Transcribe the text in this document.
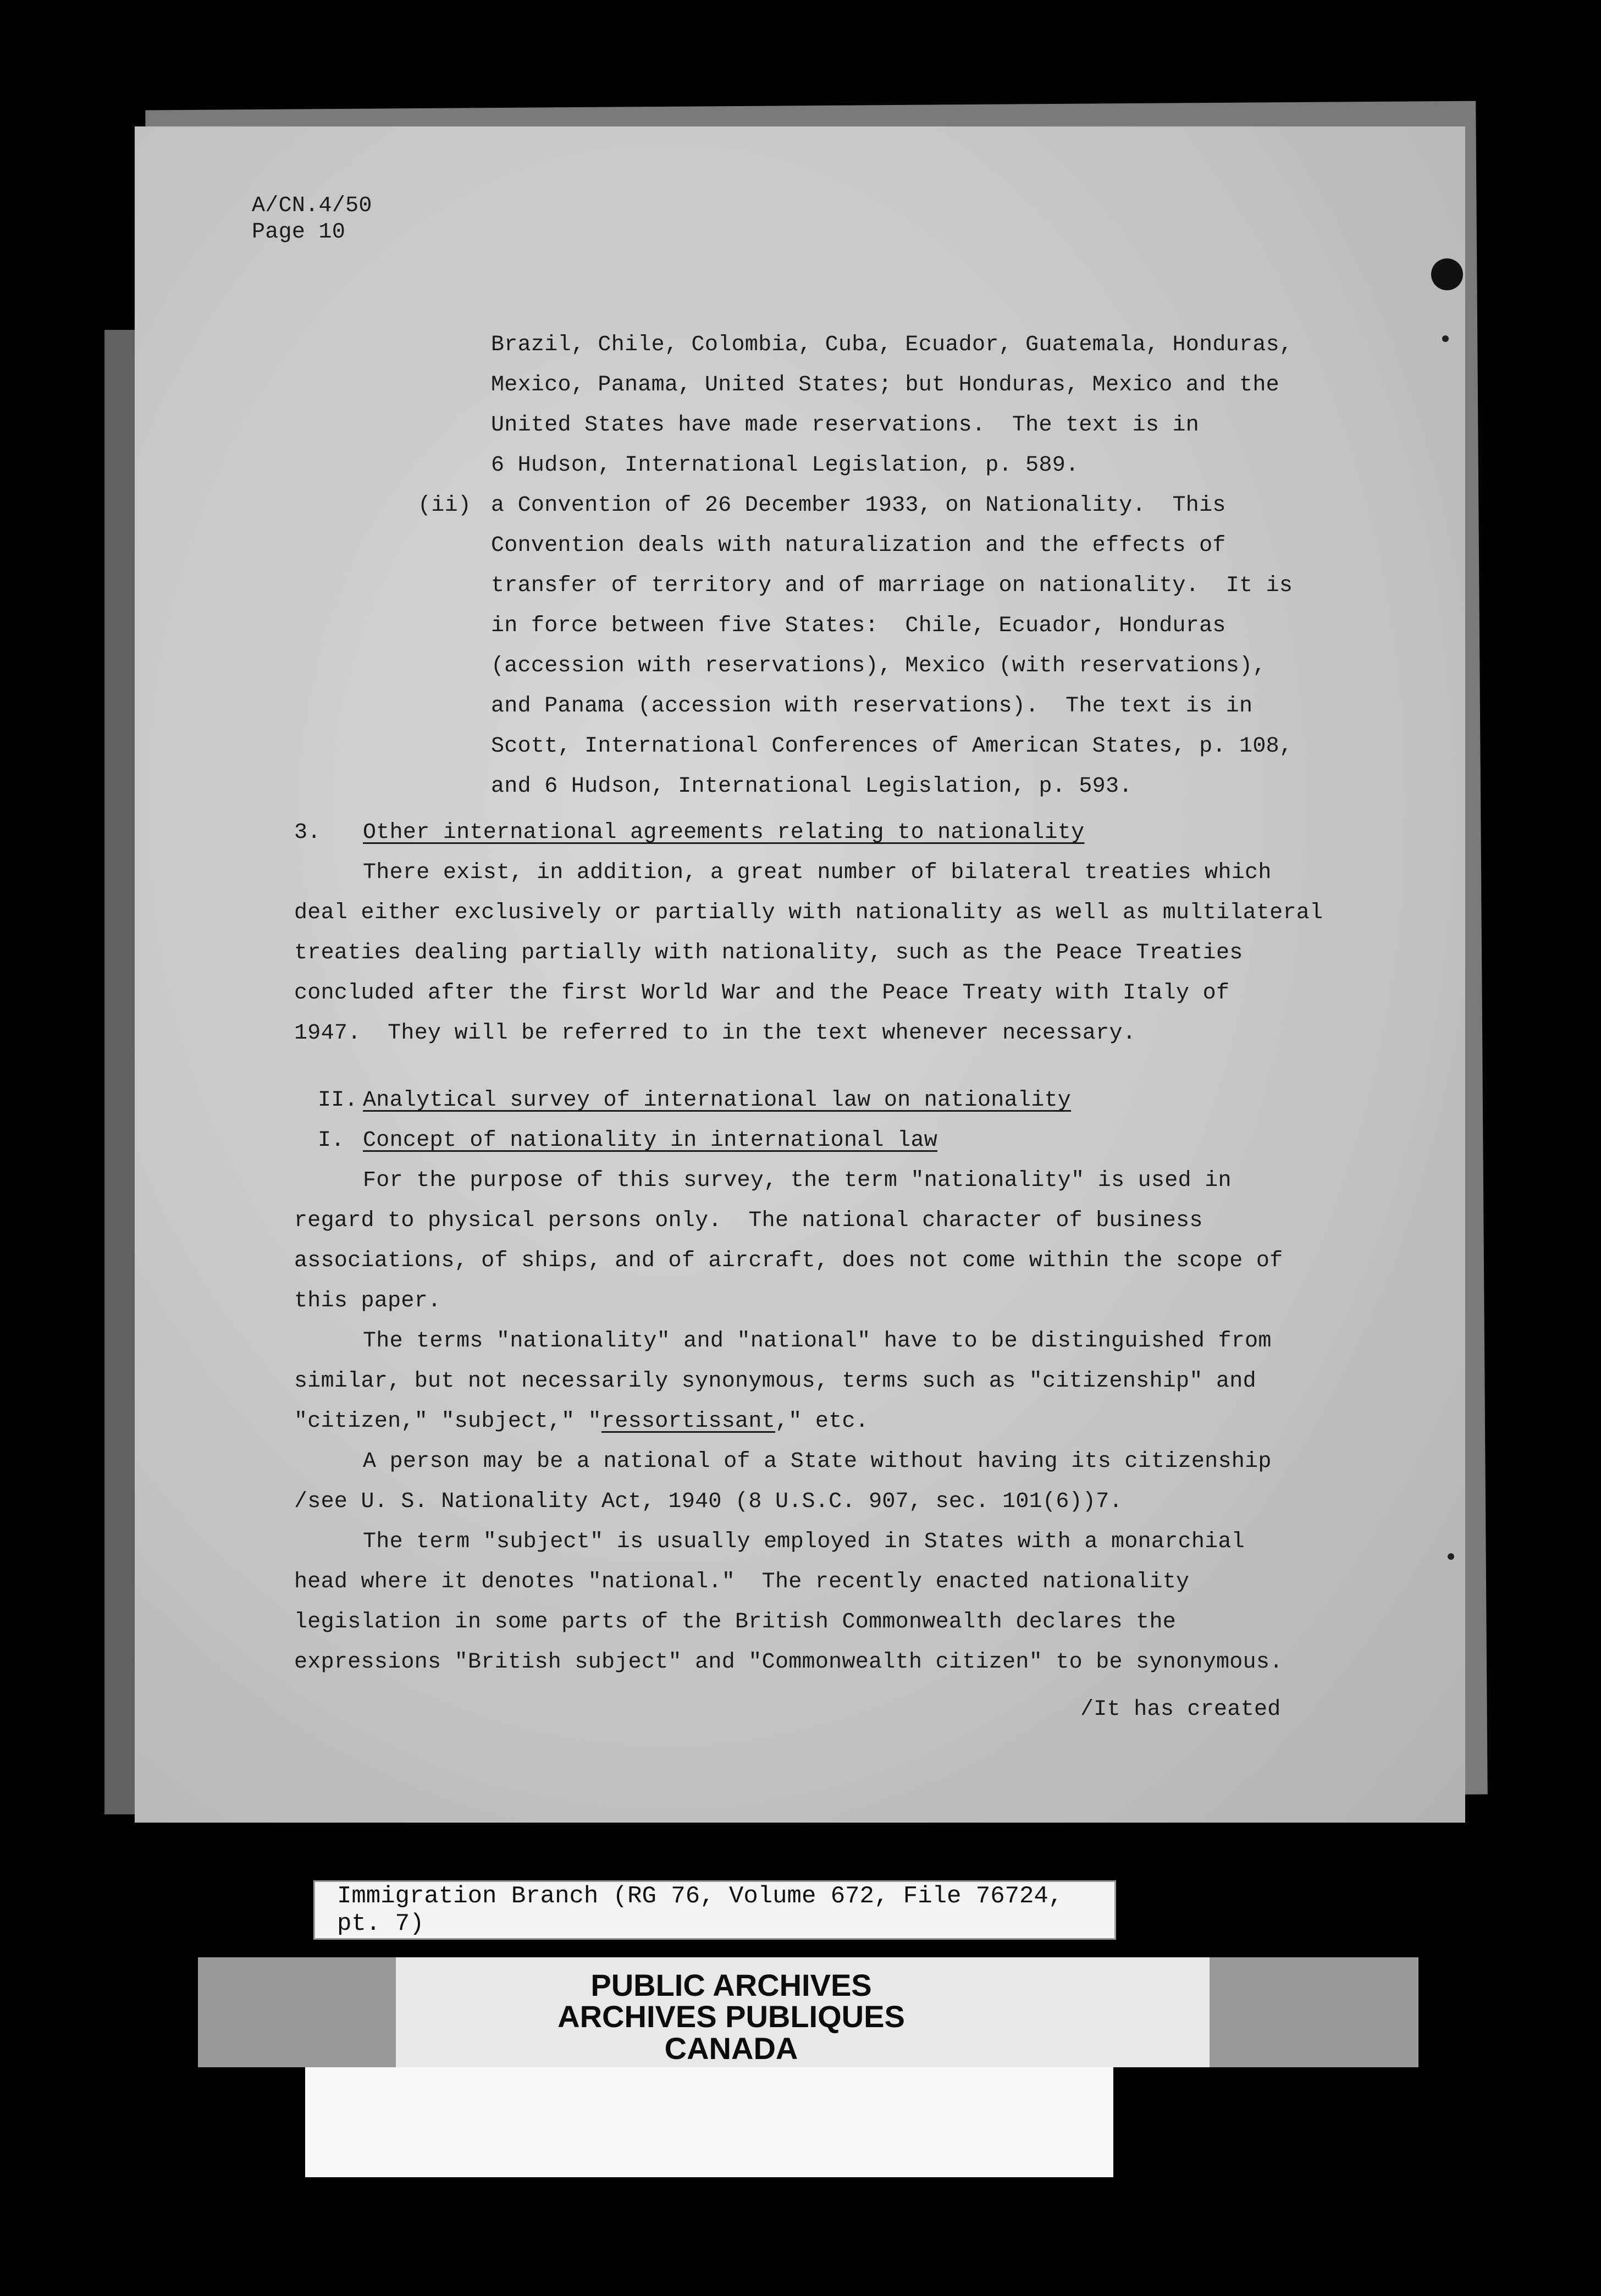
A/CN.4/50
Page 10
Brazil, Chile, Colombia, Cuba, Ecuador, Guatemala, Honduras,
Mexico, Panama, United States; but Honduras, Mexico and the
United States have made reservations.  The text is in
6 Hudson, International Legislation, p. 589.
(ii) a Convention of 26 December 1933, on Nationality.  This
Convention deals with naturalization and the effects of
transfer of territory and of marriage on nationality.  It is
in force between five States:  Chile, Ecuador, Honduras
(accession with reservations), Mexico (with reservations),
and Panama (accession with reservations).  The text is in
Scott, International Conferences of American States, p. 108,
and 6 Hudson, International Legislation, p. 593.
3. Other international agreements relating to nationality
There exist, in addition, a great number of bilateral treaties which
deal either exclusively or partially with nationality as well as multilateral
treaties dealing partially with nationality, such as the Peace Treaties
concluded after the first World War and the Peace Treaty with Italy of
1947.  They will be referred to in the text whenever necessary.
II. Analytical survey of international law on nationality
I. Concept of nationality in international law
For the purpose of this survey, the term "nationality" is used in
regard to physical persons only.  The national character of business
associations, of ships, and of aircraft, does not come within the scope of
this paper.
The terms "nationality" and "national" have to be distinguished from
similar, but not necessarily synonymous, terms such as "citizenship" and
"citizen," "subject," "ressortissant," etc.
A person may be a national of a State without having its citizenship
/see U. S. Nationality Act, 1940 (8 U.S.C. 907, sec. 101(6))7.
The term "subject" is usually employed in States with a monarchial
head where it denotes "national."  The recently enacted nationality
legislation in some parts of the British Commonwealth declares the
expressions "British subject" and "Commonwealth citizen" to be synonymous.
/It has created
Immigration Branch (RG 76, Volume 672, File 76724, pt. 7)
PUBLIC ARCHIVES
ARCHIVES PUBLIQUES
CANADA
